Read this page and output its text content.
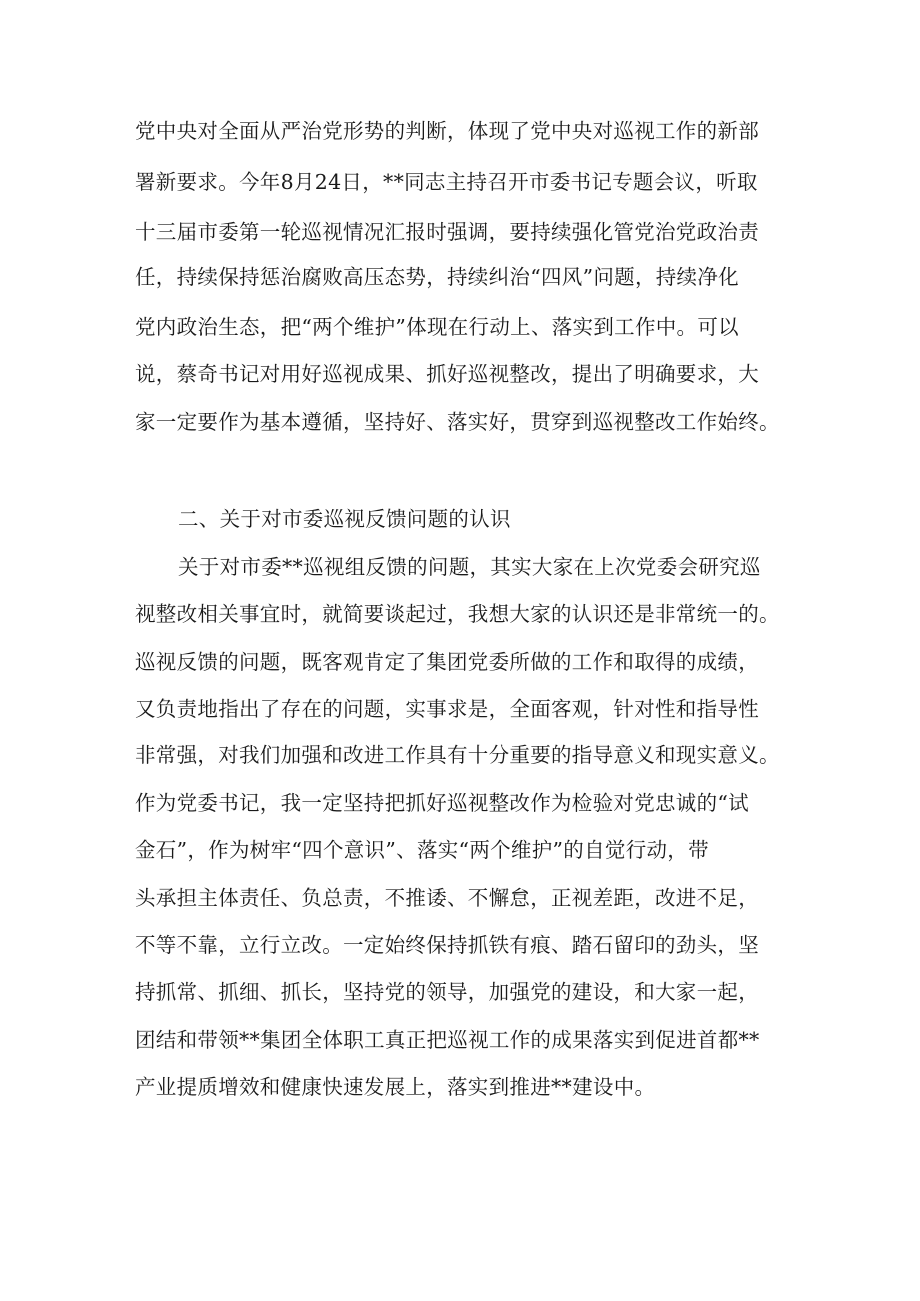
党中央对全面从严治党形势的判断，体现了党中央对巡视工作的新部
署新要求。今年8月24日，**同志主持召开市委书记专题会议，听取
十三届市委第一轮巡视情况汇报时强调，要持续强化管党治党政治责
任，持续保持惩治腐败高压态势，持续纠治“四风”问题，持续净化
党内政治生态，把“两个维护”体现在行动上、落实到工作中。可以
说，蔡奇书记对用好巡视成果、抓好巡视整改，提出了明确要求，大
家一定要作为基本遵循，坚持好、落实好，贯穿到巡视整改工作始终。
二、关于对市委巡视反馈问题的认识
关于对市委**巡视组反馈的问题，其实大家在上次党委会研究巡
视整改相关事宜时，就简要谈起过，我想大家的认识还是非常统一的。
巡视反馈的问题，既客观肯定了集团党委所做的工作和取得的成绩，
又负责地指出了存在的问题，实事求是，全面客观，针对性和指导性
非常强，对我们加强和改进工作具有十分重要的指导意义和现实意义。
作为党委书记，我一定坚持把抓好巡视整改作为检验对党忠诚的“试
金石”，作为树牢“四个意识”、落实“两个维护”的自觉行动，带
头承担主体责任、负总责，不推诿、不懈怠，正视差距，改进不足，
不等不靠，立行立改。一定始终保持抓铁有痕、踏石留印的劲头，坚
持抓常、抓细、抓长，坚持党的领导，加强党的建设，和大家一起，
团结和带领**集团全体职工真正把巡视工作的成果落实到促进首都**
产业提质增效和健康快速发展上，落实到推进**建设中。
